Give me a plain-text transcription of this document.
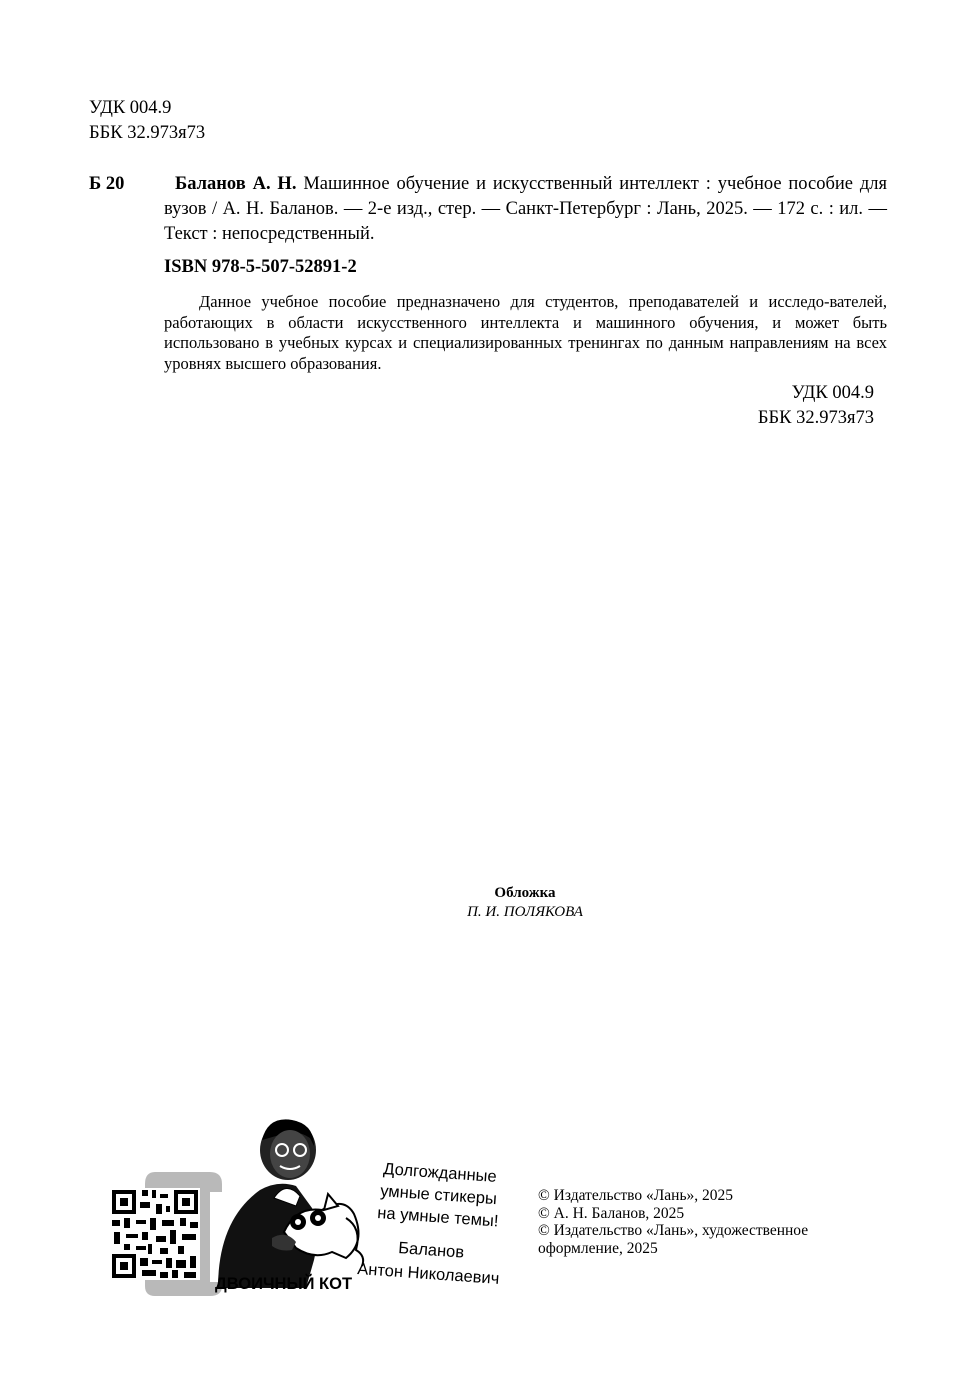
УДК 004.9
ББК 32.973я73
Б 20	Баланов А. Н. Машинное обучение и искусственный интеллект : учебное пособие для вузов / А. Н. Баланов. — 2-е изд., стер. — Санкт-Петербург : Лань, 2025. — 172 с. : ил. — Текст : непосредственный.
ISBN 978-5-507-52891-2
Данное учебное пособие предназначено для студентов, преподавателей и исследо-вателей, работающих в области искусственного интеллекта и машинного обучения, и может быть использовано в учебных курсах и специализированных тренингах по данным направлениям на всех уровнях высшего образования.
УДК 004.9
ББК 32.973я73
Обложка
П. И. ПОЛЯКОВА
Долгожданные
умные стикеры
на умные темы!
Баланов
Антон Николаевич
ДВОИЧНЫЙ КОТ
© Издательство «Лань», 2025
© А. Н. Баланов, 2025
© Издательство «Лань», художественное
оформление, 2025
